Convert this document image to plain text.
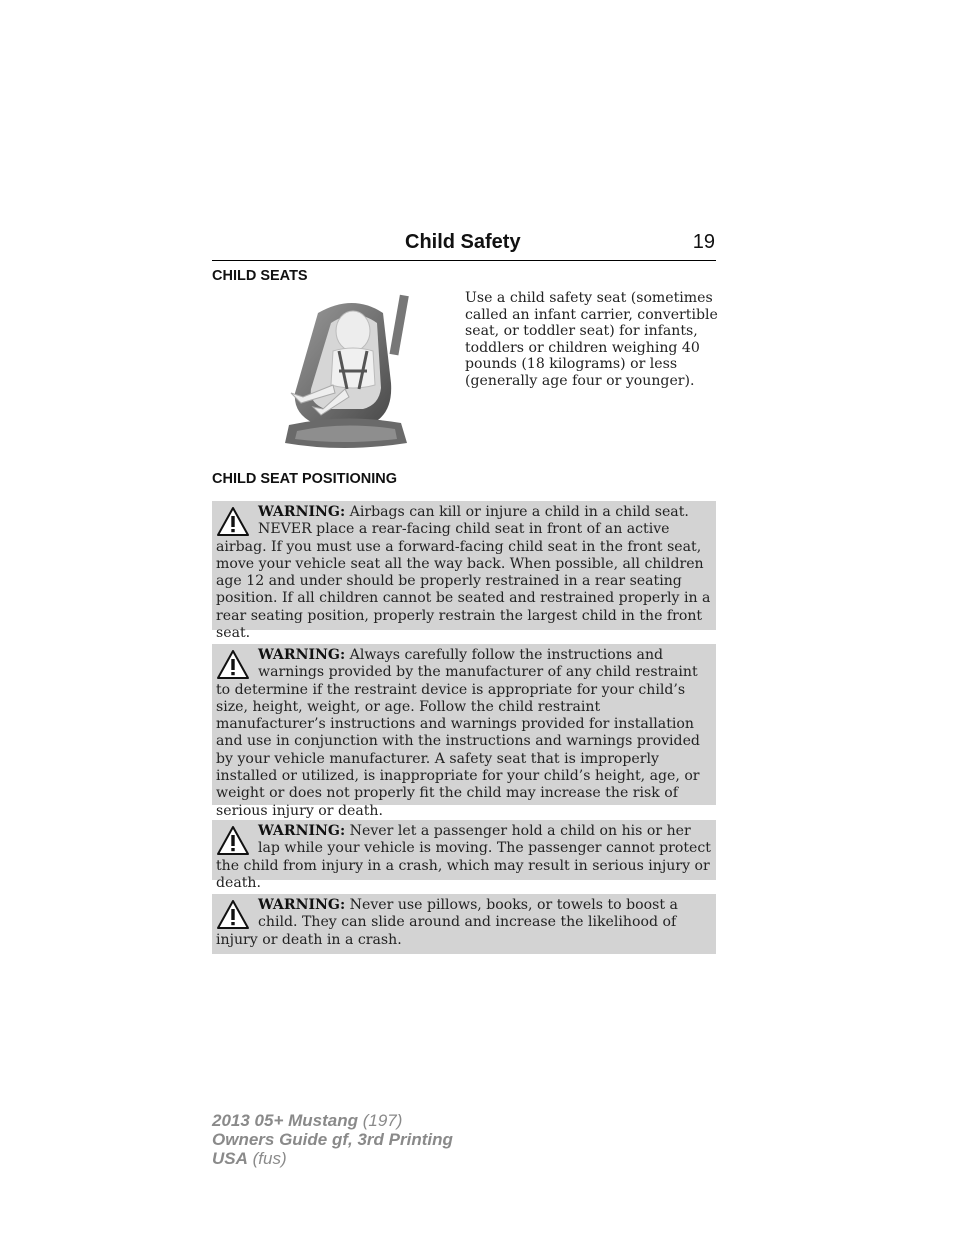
Child Safety	19
CHILD SEATS
Use a child safety seat (sometimes called an infant carrier, convertible seat, or toddler seat) for infants, toddlers or children weighing 40 pounds (18 kilograms) or less (generally age four or younger).
CHILD SEAT POSITIONING
WARNING: Airbags can kill or injure a child in a child seat. NEVER place a rear-facing child seat in front of an active airbag. If you must use a forward-facing child seat in the front seat, move your vehicle seat all the way back. When possible, all children age 12 and under should be properly restrained in a rear seating position. If all children cannot be seated and restrained properly in a rear seating position, properly restrain the largest child in the front seat.
WARNING: Always carefully follow the instructions and warnings provided by the manufacturer of any child restraint to determine if the restraint device is appropriate for your child’s size, height, weight, or age. Follow the child restraint manufacturer’s instructions and warnings provided for installation and use in conjunction with the instructions and warnings provided by your vehicle manufacturer. A safety seat that is improperly installed or utilized, is inappropriate for your child’s height, age, or weight or does not properly fit the child may increase the risk of serious injury or death.
WARNING: Never let a passenger hold a child on his or her lap while your vehicle is moving. The passenger cannot protect the child from injury in a crash, which may result in serious injury or death.
WARNING: Never use pillows, books, or towels to boost a child. They can slide around and increase the likelihood of injury or death in a crash.
2013 05+ Mustang (197)
Owners Guide gf, 3rd Printing
USA (fus)
